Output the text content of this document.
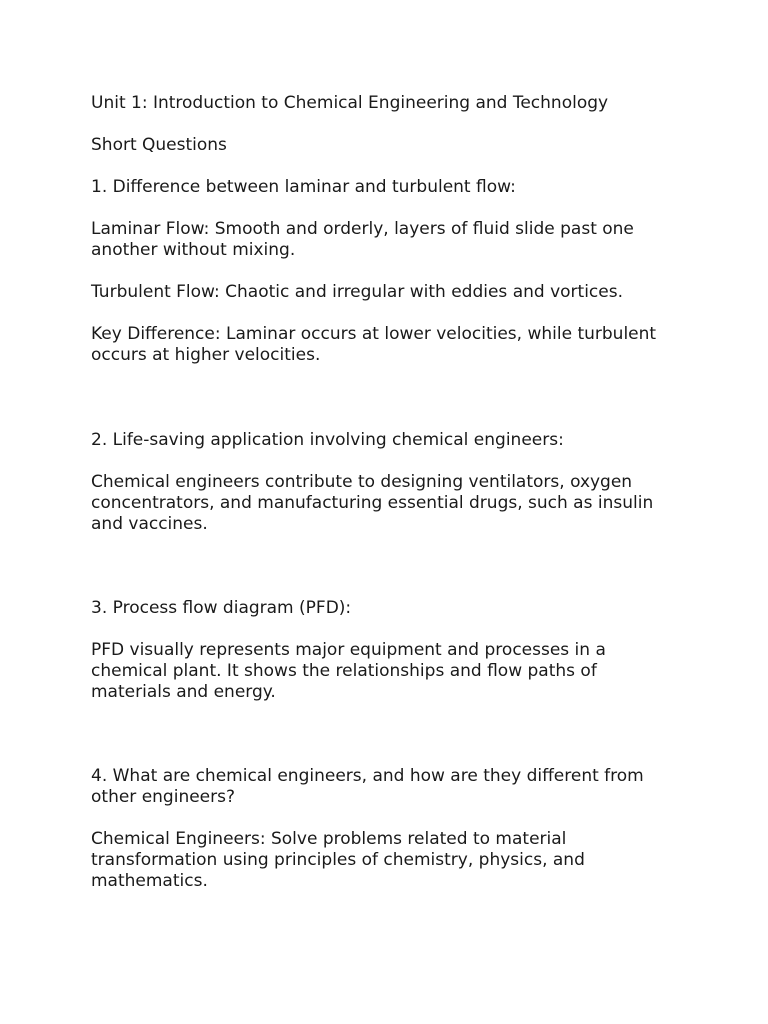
Unit 1: Introduction to Chemical Engineering and Technology

Short Questions

1. Difference between laminar and turbulent flow:

Laminar Flow: Smooth and orderly, layers of fluid slide past one
another without mixing.

Turbulent Flow: Chaotic and irregular with eddies and vortices.

Key Difference: Laminar occurs at lower velocities, while turbulent
occurs at higher velocities.

2. Life-saving application involving chemical engineers:

Chemical engineers contribute to designing ventilators, oxygen
concentrators, and manufacturing essential drugs, such as insulin
and vaccines.

3. Process flow diagram (PFD):

PFD visually represents major equipment and processes in a
chemical plant. It shows the relationships and flow paths of
materials and energy.

4. What are chemical engineers, and how are they different from
other engineers?

Chemical Engineers: Solve problems related to material
transformation using principles of chemistry, physics, and
mathematics.
